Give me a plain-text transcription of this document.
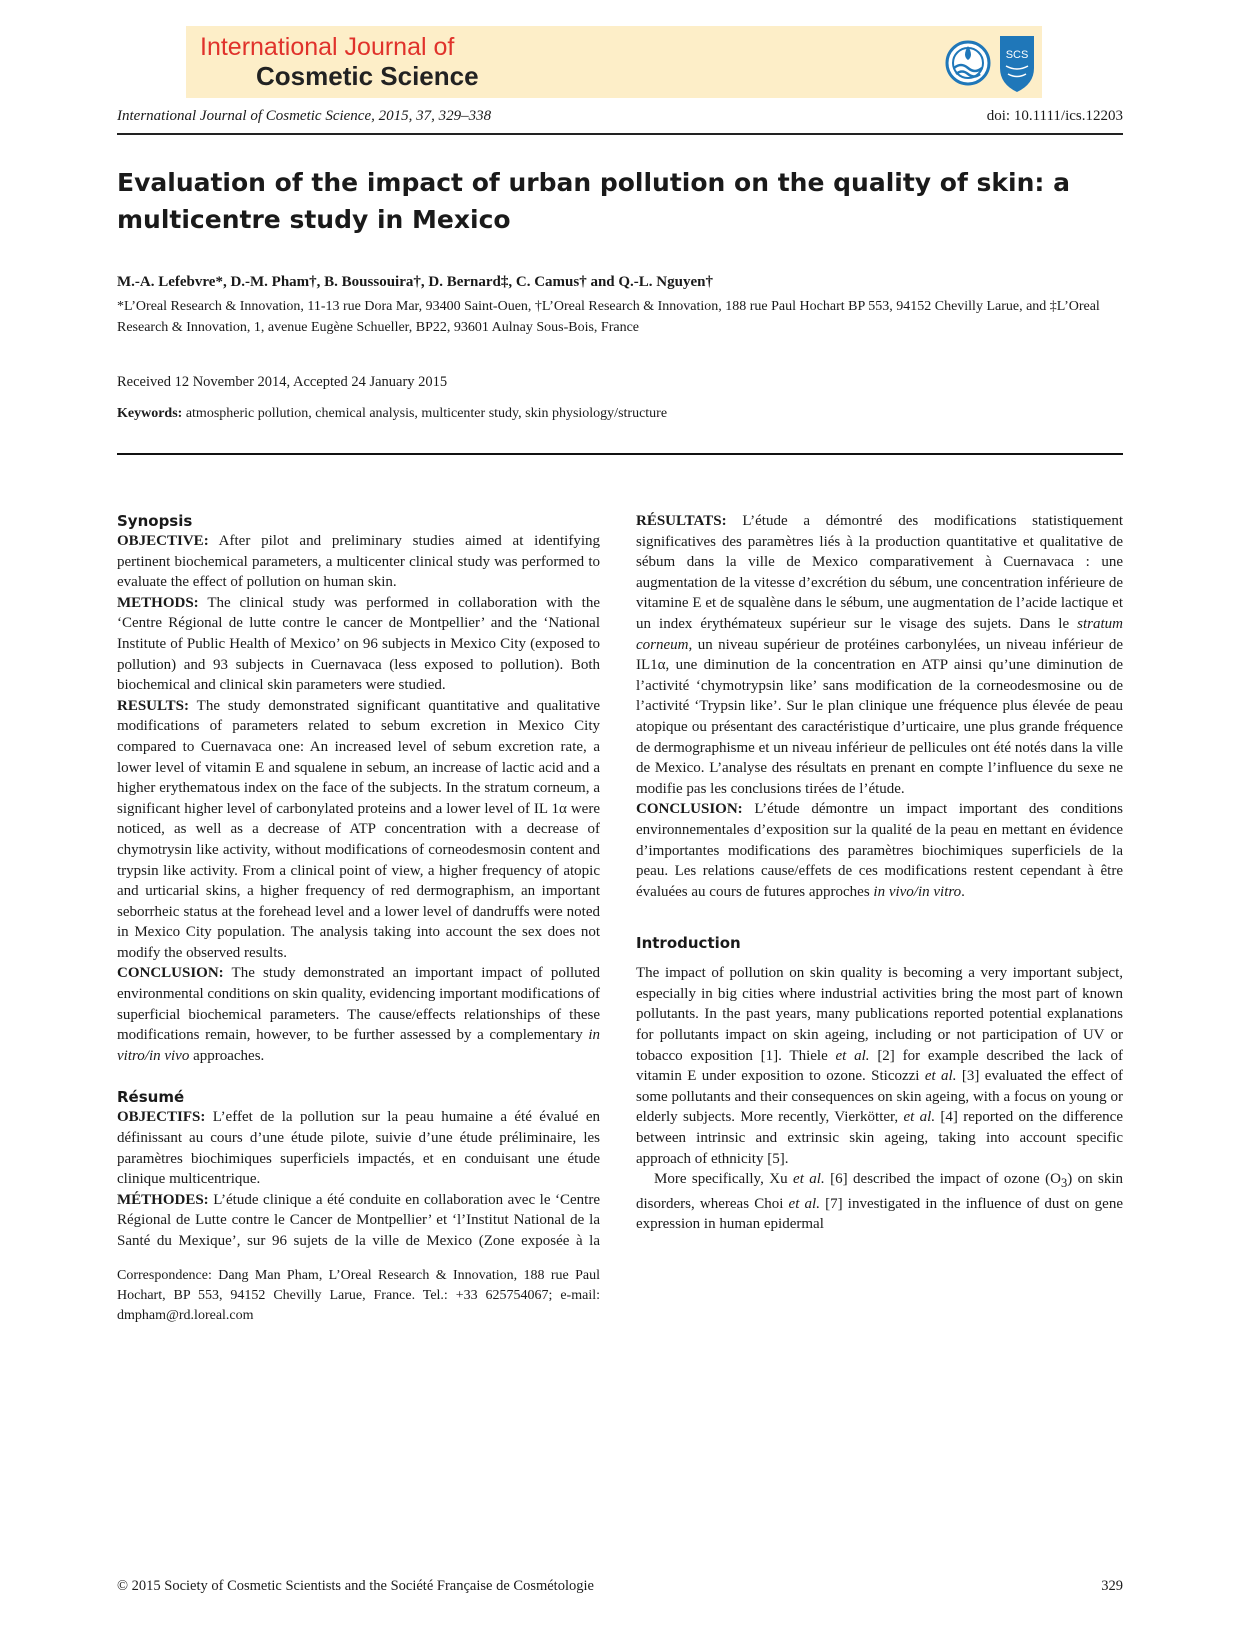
International Journal of
Cosmetic Science
SCS
International Journal of Cosmetic Science, 2015, 37, 329–338	doi: 10.1111/ics.12203
Evaluation of the impact of urban pollution on the quality of skin: a multicentre study in Mexico
M.-A. Lefebvre*, D.-M. Pham†, B. Boussouira†, D. Bernard‡, C. Camus† and Q.-L. Nguyen†
*L’Oreal Research & Innovation, 11-13 rue Dora Mar, 93400 Saint-Ouen, †L’Oreal Research & Innovation, 188 rue Paul Hochart BP 553, 94152 Chevilly Larue, and ‡L’Oreal Research & Innovation, 1, avenue Eugène Schueller, BP22, 93601 Aulnay Sous-Bois, France
Received 12 November 2014, Accepted 24 January 2015
Keywords: atmospheric pollution, chemical analysis, multicenter study, skin physiology/structure
Synopsis

OBJECTIVE: After pilot and preliminary studies aimed at identifying pertinent biochemical parameters, a multicenter clinical study was performed to evaluate the effect of pollution on human skin.

METHODS: The clinical study was performed in collaboration with the ‘Centre Régional de lutte contre le cancer de Montpellier’ and the ‘National Institute of Public Health of Mexico’ on 96 subjects in Mexico City (exposed to pollution) and 93 subjects in Cuernavaca (less exposed to pollution). Both biochemical and clinical skin parameters were studied.

RESULTS: The study demonstrated significant quantitative and qualitative modifications of parameters related to sebum excretion in Mexico City compared to Cuernavaca one: An increased level of sebum excretion rate, a lower level of vitamin E and squalene in sebum, an increase of lactic acid and a higher erythematous index on the face of the subjects. In the stratum corneum, a significant higher level of carbonylated proteins and a lower level of IL 1α were noticed, as well as a decrease of ATP concentration with a decrease of chymotrysin like activity, without modifications of corneodesmosin content and trypsin like activity. From a clinical point of view, a higher frequency of atopic and urticarial skins, a higher frequency of red dermographism, an important seborrheic status at the forehead level and a lower level of dandruffs were noted in Mexico City population. The analysis taking into account the sex does not modify the observed results.

CONCLUSION: The study demonstrated an important impact of polluted environmental conditions on skin quality, evidencing important modifications of superficial biochemical parameters. The cause/effects relationships of these modifications remain, however, to be further assessed by a complementary in vitro/in vivo approaches.

Résumé

OBJECTIFS: L’effet de la pollution sur la peau humaine a été évalué en définissant au cours d’une étude pilote, suivie d’une étude préliminaire, les paramètres biochimiques superficiels impactés, et en conduisant une étude clinique multicentrique.

MÉTHODES: L’étude clinique a été conduite en collaboration avec le ‘Centre Régional de Lutte contre le Cancer de Montpellier’ et ‘l’Institut National de la Santé du Mexique’, sur 96 sujets de la ville de Mexico (Zone exposée à la

Correspondence: Dang Man Pham, L’Oreal Research & Innovation, 188 rue Paul Hochart, BP 553, 94152 Chevilly Larue, France. Tel.: +33 625754067; e-mail: dmpham@rd.loreal.com

RÉSULTATS: L’étude a démontré des modifications statistiquement significatives des paramètres liés à la production quantitative et qualitative de sébum dans la ville de Mexico comparativement à Cuernavaca : une augmentation de la vitesse d’excrétion du sébum, une concentration inférieure de vitamine E et de squalène dans le sébum, une augmentation de l’acide lactique et un index érythémateux supérieur sur le visage des sujets. Dans le stratum corneum, un niveau supérieur de protéines carbonylées, un niveau inférieur de IL1α, une diminution de la concentration en ATP ainsi qu’une diminution de l’activité ‘chymotrypsin like’ sans modification de la corneodesmosine ou de l’activité ‘Trypsin like’. Sur le plan clinique une fréquence plus élevée de peau atopique ou présentant des caractéristique d’urticaire, une plus grande fréquence de dermographisme et un niveau inférieur de pellicules ont été notés dans la ville de Mexico. L’analyse des résultats en prenant en compte l’influence du sexe ne modifie pas les conclusions tirées de l’étude.

CONCLUSION: L’étude démontre un impact important des conditions environnementales d’exposition sur la qualité de la peau en mettant en évidence d’importantes modifications des paramètres biochimiques superficiels de la peau. Les relations cause/effets de ces modifications restent cependant à être évaluées au cours de futures approches in vivo/in vitro.

Introduction

The impact of pollution on skin quality is becoming a very important subject, especially in big cities where industrial activities bring the most part of known pollutants. In the past years, many publications reported potential explanations for pollutants impact on skin ageing, including or not participation of UV or tobacco exposition [1]. Thiele et al. [2] for example described the lack of vitamin E under exposition to ozone. Sticozzi et al. [3] evaluated the effect of some pollutants and their consequences on skin ageing, with a focus on young or elderly subjects. More recently, Vierkötter, et al. [4] reported on the difference between intrinsic and extrinsic skin ageing, taking into account specific approach of ethnicity [5].

More specifically, Xu et al. [6] described the impact of ozone $(O_3)$ on skin disorders, whereas Choi et al. [7] investigated in the influence of dust on gene expression in human epidermal

© 2015 Society of Cosmetic Scientists and the Société Française de Cosmétologie	329
